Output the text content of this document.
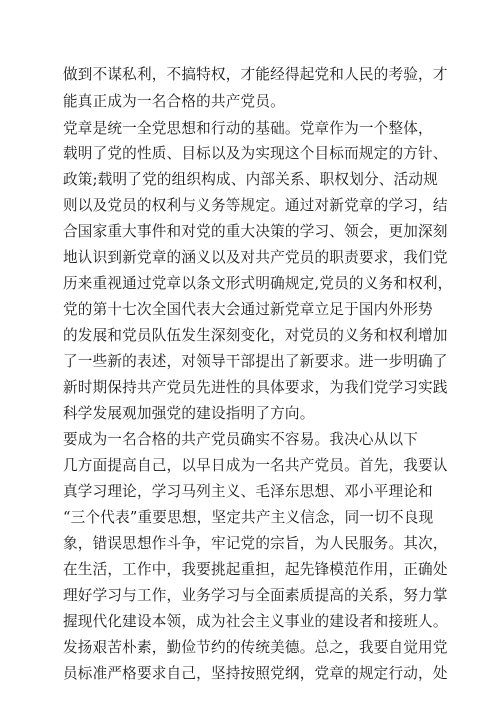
做到不谋私利，不搞特权，才能经得起党和人民的考验，才
能真正成为一名合格的共产党员。
党章是统一全党思想和行动的基础。党章作为一个整体，
载明了党的性质、目标以及为实现这个目标而规定的方针、
政策;载明了党的组织构成、内部关系、职权划分、活动规
则以及党员的权利与义务等规定。通过对新党章的学习，结
合国家重大事件和对党的重大决策的学习、领会，更加深刻
地认识到新党章的涵义以及对共产党员的职责要求，我们党
历来重视通过党章以条文形式明确规定,党员的义务和权利，
党的第十七次全国代表大会通过新党章立足于国内外形势
的发展和党员队伍发生深刻变化，对党员的义务和权利增加
了一些新的表述，对领导干部提出了新要求。进一步明确了
新时期保持共产党员先进性的具体要求，为我们党学习实践
科学发展观加强党的建设指明了方向。
要成为一名合格的共产党员确实不容易。我决心从以下
几方面提高自己，以早日成为一名共产党员。首先，我要认
真学习理论，学习马列主义、毛泽东思想、邓小平理论和
“三个代表”重要思想，坚定共产主义信念，同一切不良现
象，错误思想作斗争，牢记党的宗旨，为人民服务。其次，
在生活，工作中，我要挑起重担，起先锋模范作用，正确处
理好学习与工作，业务学习与全面素质提高的关系，努力掌
握现代化建设本领，成为社会主义事业的建设者和接班人。
发扬艰苦朴素，勤俭节约的传统美德。总之，我要自觉用党
员标准严格要求自己，坚持按照党纲，党章的规定行动，处
